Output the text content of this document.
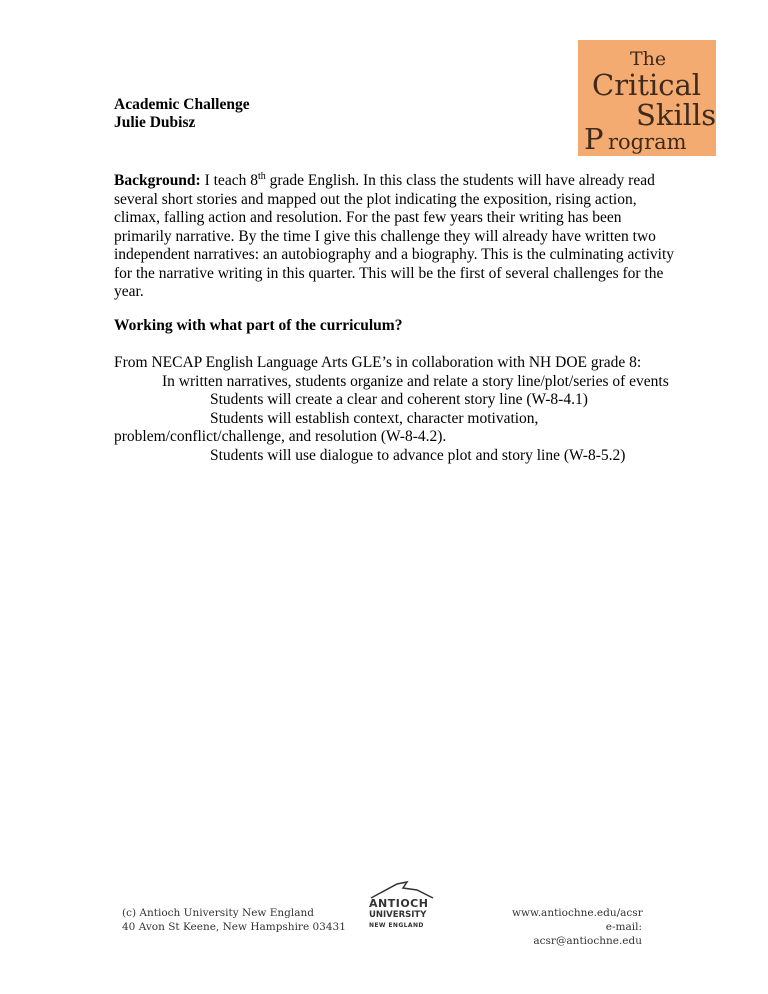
The
Critical
Skills
P rogram
Academic Challenge
Julie Dubisz

Background: I teach 8th grade English. In this class the students will have already read several short stories and mapped out the plot indicating the exposition, rising action, climax, falling action and resolution. For the past few years their writing has been primarily narrative. By the time I give this challenge they will already have written two independent narratives: an autobiography and a biography. This is the culminating activity for the narrative writing in this quarter. This will be the first of several challenges for the year.

Working with what part of the curriculum?

From NECAP English Language Arts GLE’s in collaboration with NH DOE grade 8:
In written narratives, students organize and relate a story line/plot/series of events
Students will create a clear and coherent story line (W-8-4.1)
Students will establish context, character motivation,
problem/conflict/challenge, and resolution (W-8-4.2).
Students will use dialogue to advance plot and story line (W-8-5.2)
(c) Antioch University New England
40 Avon St Keene, New Hampshire 03431
ANTIOCH
UNIVERSITY
NEW ENGLAND
www.antiochne.edu/acsr
e-mail: acsr@antiochne.edu
